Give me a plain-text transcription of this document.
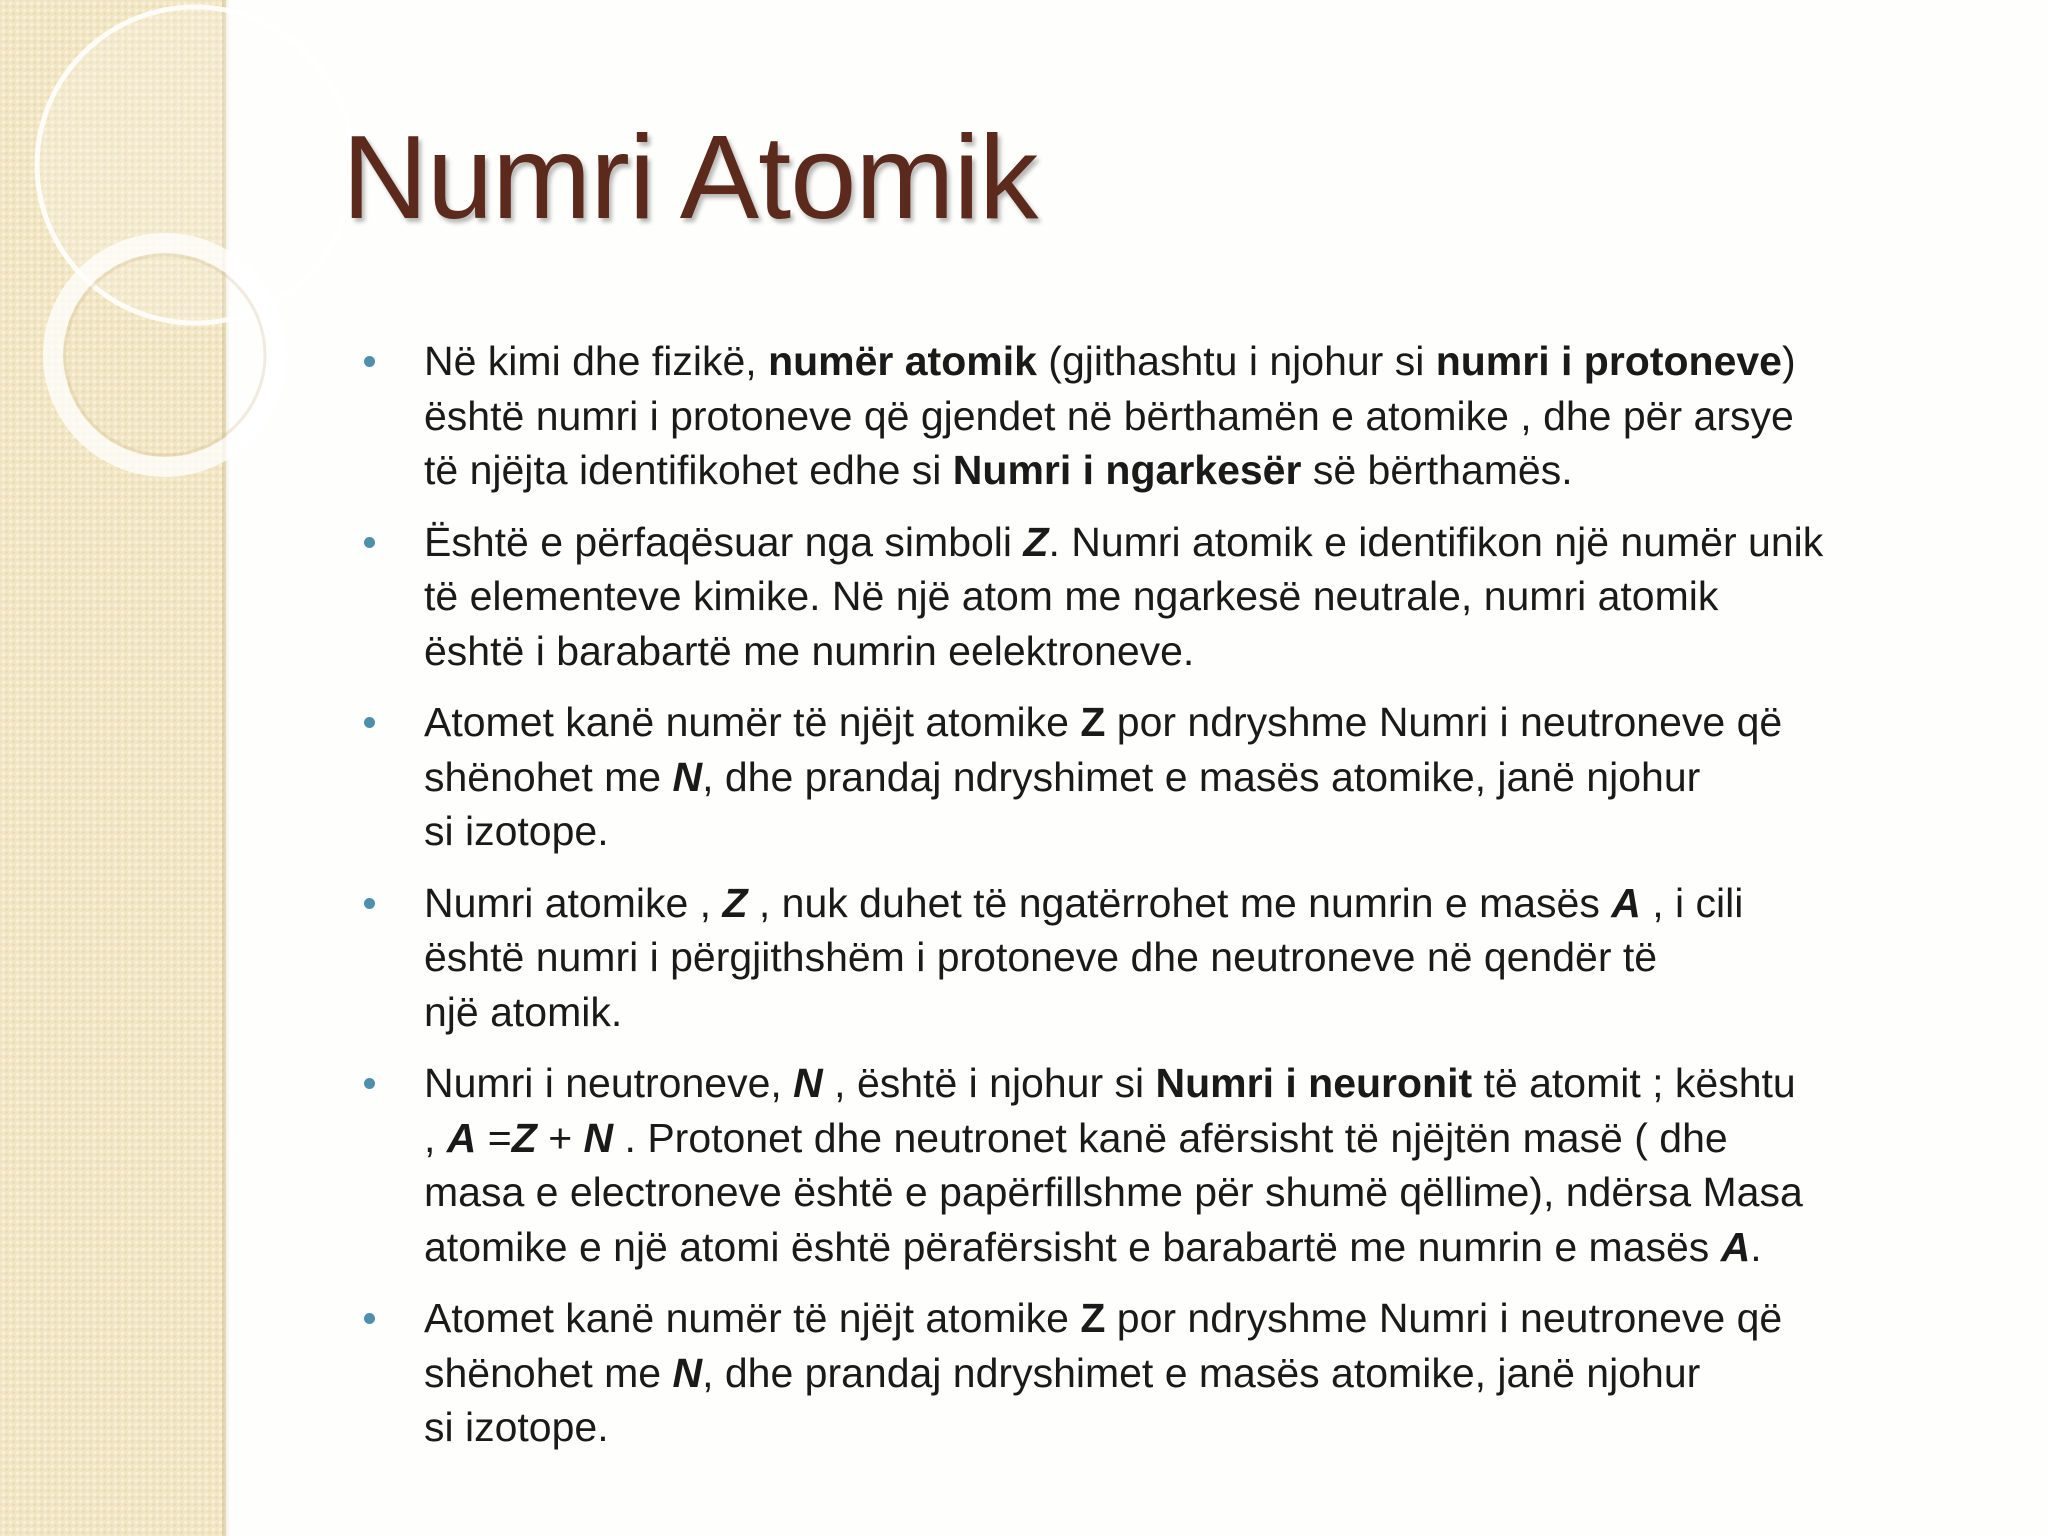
Numri Atomik
Në kimi dhe fizikë, numër atomik (gjithashtu i njohur si numri i protoneve)
është numri i protoneve që gjendet në bërthamën e atomike , dhe për arsye
të njëjta identifikohet edhe si Numri i ngarkesër së bërthamës.
Është e përfaqësuar nga simboli Z. Numri atomik e identifikon një numër unik
të elementeve kimike. Në një atom me ngarkesë neutrale, numri atomik
është i barabartë me numrin eelektroneve.
Atomet kanë numër të njëjt atomike Z por ndryshme Numri i neutroneve që
shënohet me N, dhe prandaj ndryshimet e masës atomike, janë njohur
si izotope.
Numri atomike , Z , nuk duhet të ngatërrohet me numrin e masës A , i cili
është numri i përgjithshëm i protoneve dhe neutroneve në qendër të
një atomik.
Numri i neutroneve, N , është i njohur si Numri i neuronit të atomit ; kështu
, A =Z + N . Protonet dhe neutronet kanë afërsisht të njëjtën masë ( dhe
masa e electroneve është e papërfillshme për shumë qëllime), ndërsa Masa
atomike e një atomi është përafërsisht e barabartë me numrin e masës A.
Atomet kanë numër të njëjt atomike Z por ndryshme Numri i neutroneve që
shënohet me N, dhe prandaj ndryshimet e masës atomike, janë njohur
si izotope.
